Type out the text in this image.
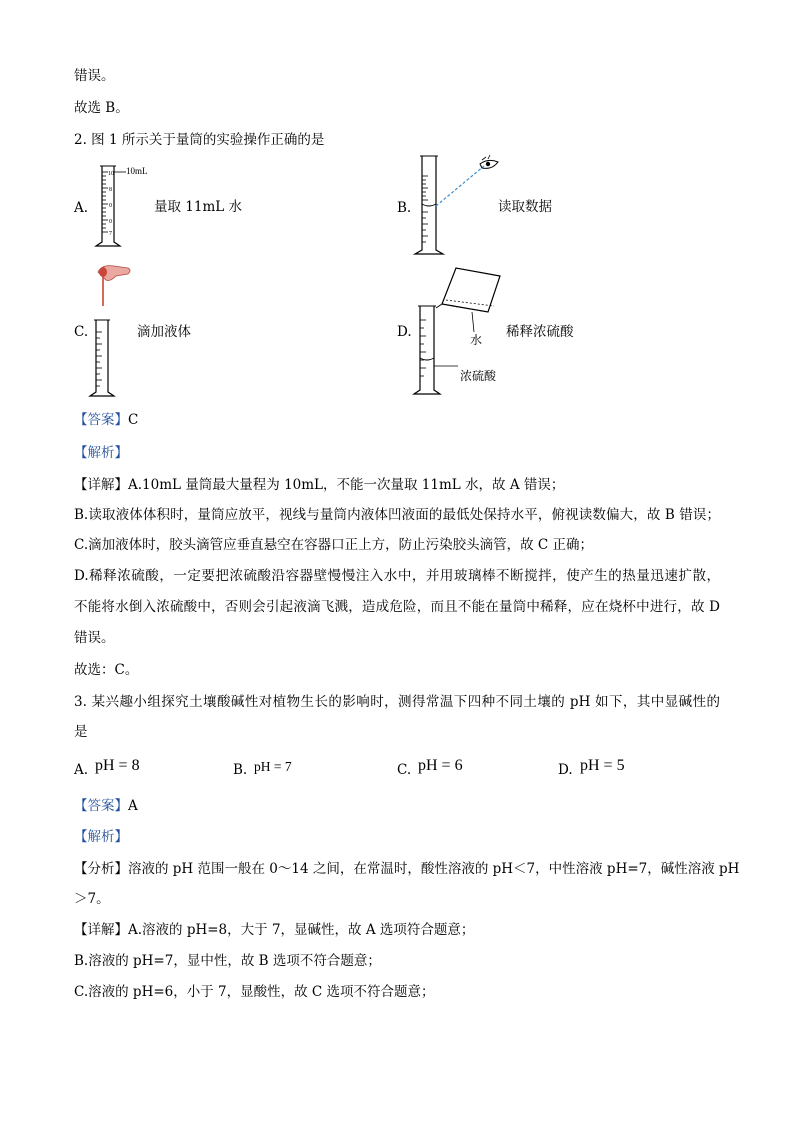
错误。
故选 B。
2. 图 1 所示关于量筒的实验操作正确的是
A.
10mL
10
8
0
0
7
量取 11mL 水	B.	读取数据
C.	滴加液体	D.	水
浓硫酸
稀释浓硫酸
【答案】C
【解析】
【详解】A.10mL 量筒最大量程为 10mL，不能一次量取 11mL 水，故 A 错误；
B.读取液体体积时，量筒应放平，视线与量筒内液体凹液面的最低处保持水平，俯视读数偏大，故 B 错误；
C.滴加液体时，胶头滴管应垂直悬空在容器口正上方，防止污染胶头滴管，故 C 正确；
D.稀释浓硫酸，一定要把浓硫酸沿容器壁慢慢注入水中，并用玻璃棒不断搅拌，使产生的热量迅速扩散，
不能将水倒入浓硫酸中，否则会引起液滴飞溅，造成危险，而且不能在量筒中稀释，应在烧杯中进行，故 D
错误。
故选：C。
3. 某兴趣小组探究土壤酸碱性对植物生长的影响时，测得常温下四种不同土壤的 pH 如下，其中显碱性的
是
A. pH = 8	B. pH = 7	C. pH = 6	D. pH = 5
【答案】A
【解析】
【分析】溶液的 pH 范围一般在 0～14 之间，在常温时，酸性溶液的 pH＜7，中性溶液 pH=7，碱性溶液 pH
＞7。
【详解】A.溶液的 pH=8，大于 7，显碱性，故 A 选项符合题意；
B.溶液的 pH=7，显中性，故 B 选项不符合题意；
C.溶液的 pH=6，小于 7，显酸性，故 C 选项不符合题意；
